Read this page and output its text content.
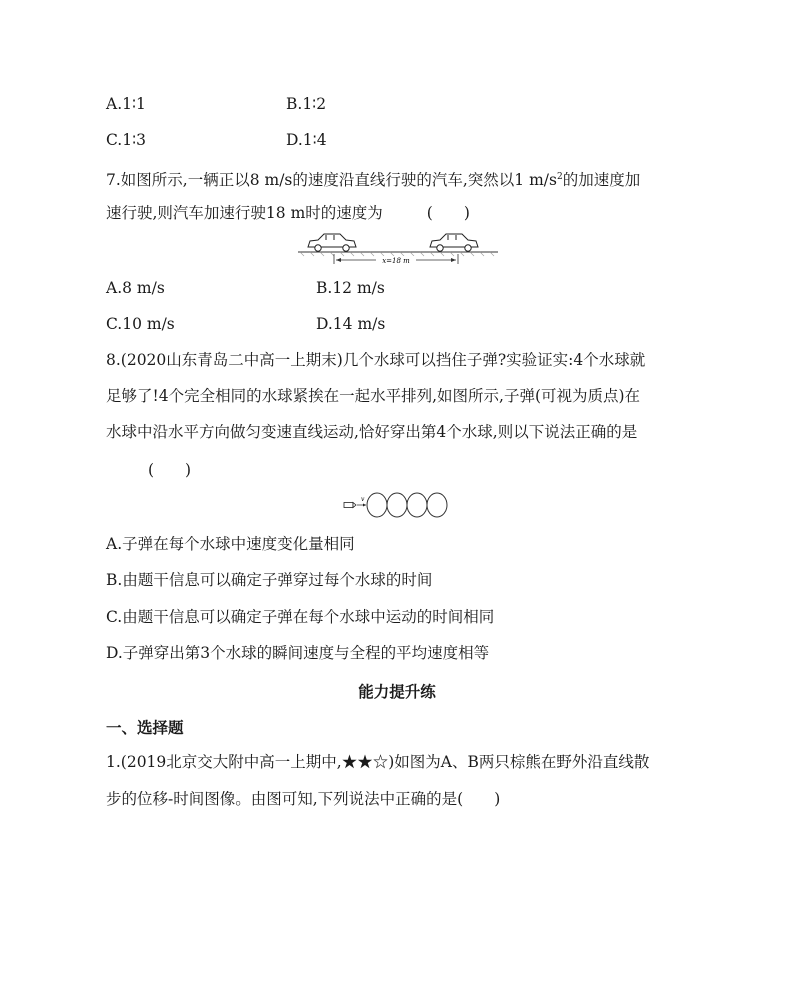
A.1∶1	B.1∶2
C.1∶3	D.1∶4
7.如图所示,一辆正以8 m/s的速度沿直线行驶的汽车,突然以1 $m/s^2$的加速度加
速行驶,则汽车加速行驶18 m时的速度为	(　　)
x=18 m
A.8 m/s	B.12 m/s
C.10 m/s	D.14 m/s
8.(2020山东青岛二中高一上期末)几个水球可以挡住子弹?实验证实:4个水球就
足够了!4个完全相同的水球紧挨在一起水平排列,如图所示,子弹(可视为质点)在
水球中沿水平方向做匀变速直线运动,恰好穿出第4个水球,则以下说法正确的是
(　　)
v
A.子弹在每个水球中速度变化量相同
B.由题干信息可以确定子弹穿过每个水球的时间
C.由题干信息可以确定子弹在每个水球中运动的时间相同
D.子弹穿出第3个水球的瞬间速度与全程的平均速度相等
能力提升练
一、选择题
1.(2019北京交大附中高一上期中,★★☆)如图为A、B两只棕熊在野外沿直线散
步的位移-时间图像。由图可知,下列说法中正确的是(　　)
